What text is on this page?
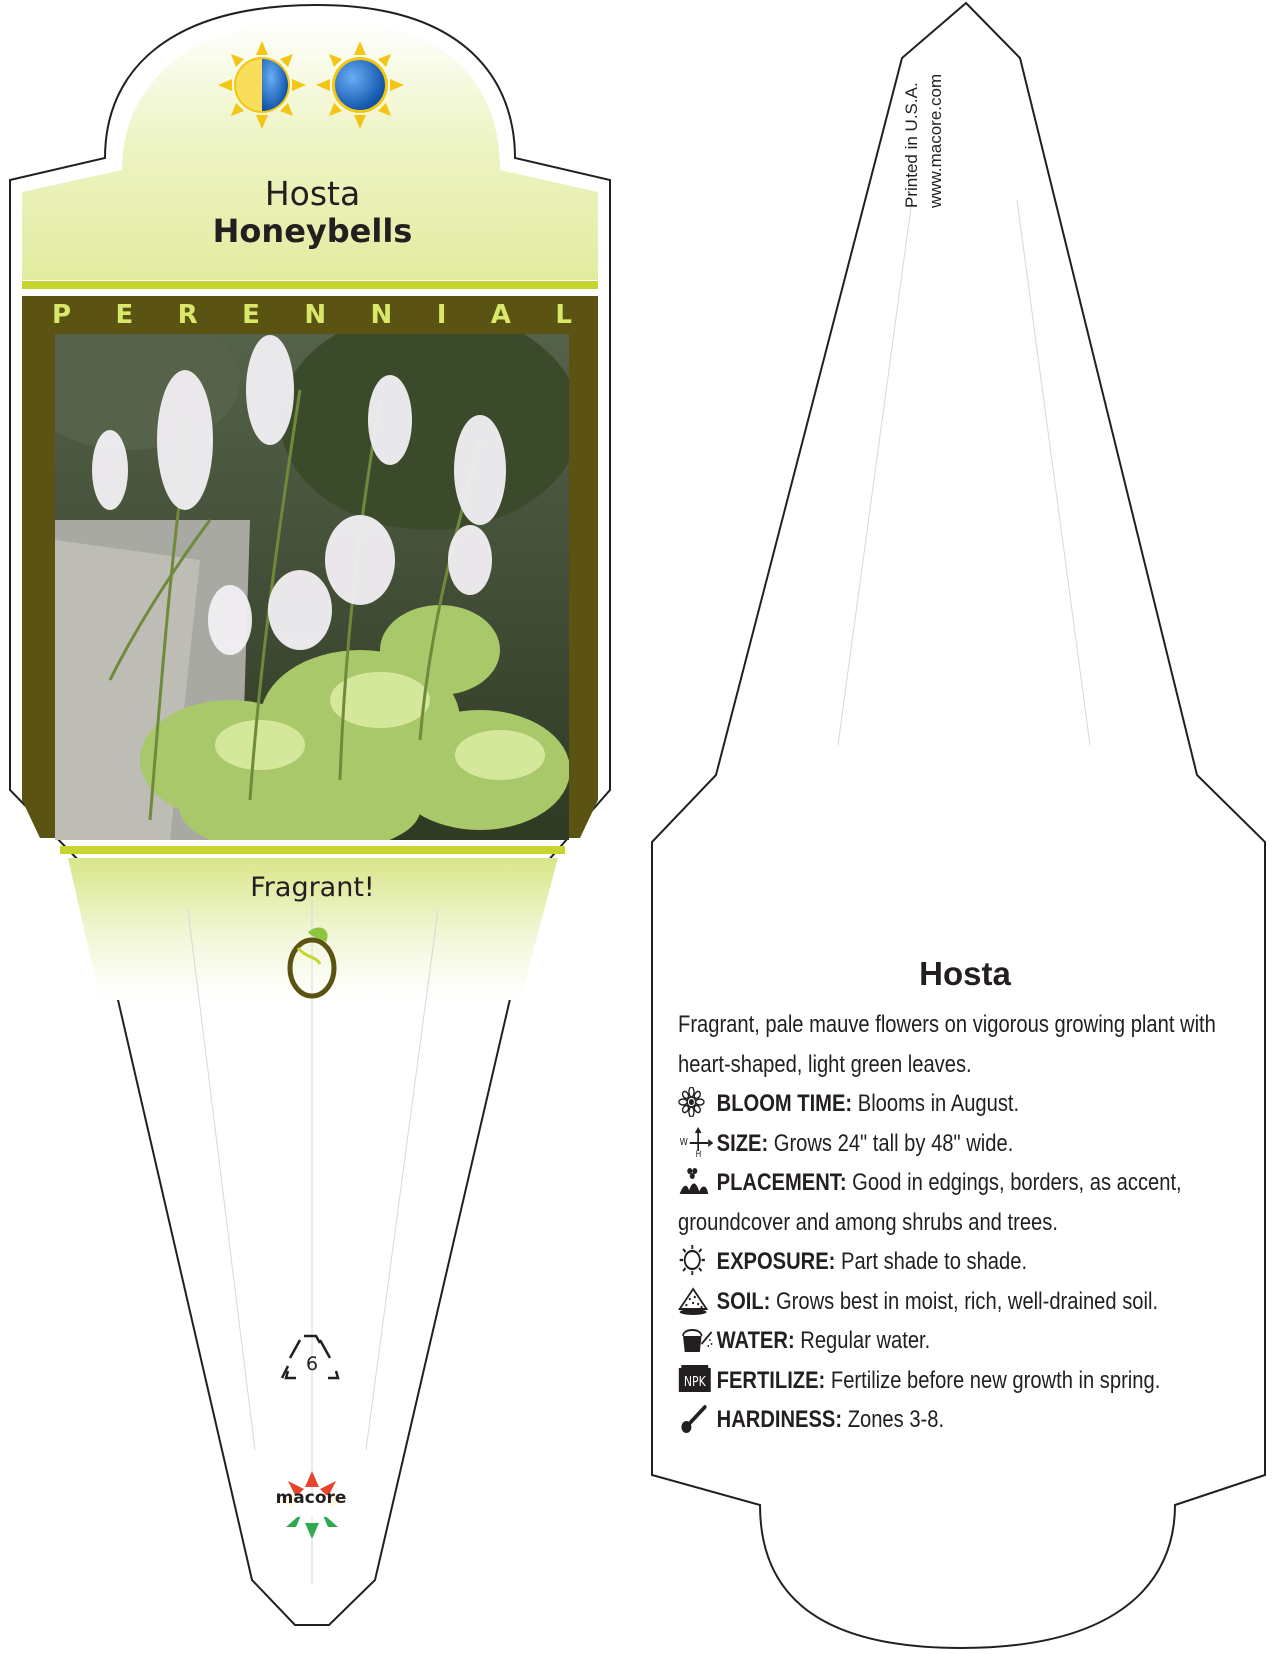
Hosta
Honeybells
P E R E N N I A L
Fragrant!
6
macore
Printed in U.S.A. www.macore.com
Hosta

Fragrant, pale mauve flowers on vigorous growing plant with heart-shaped, light green leaves.

BLOOM TIME: Blooms in August.
W
H SIZE: Grows 24" tall by 48" wide.
PLACEMENT: Good in edgings, borders, as accent, groundcover and among shrubs and trees.
EXPOSURE: Part shade to shade.
SOIL: Grows best in moist, rich, well-drained soil.
WATER: Regular water.
NPK FERTILIZE: Fertilize before new growth in spring.
HARDINESS: Zones 3-8.
